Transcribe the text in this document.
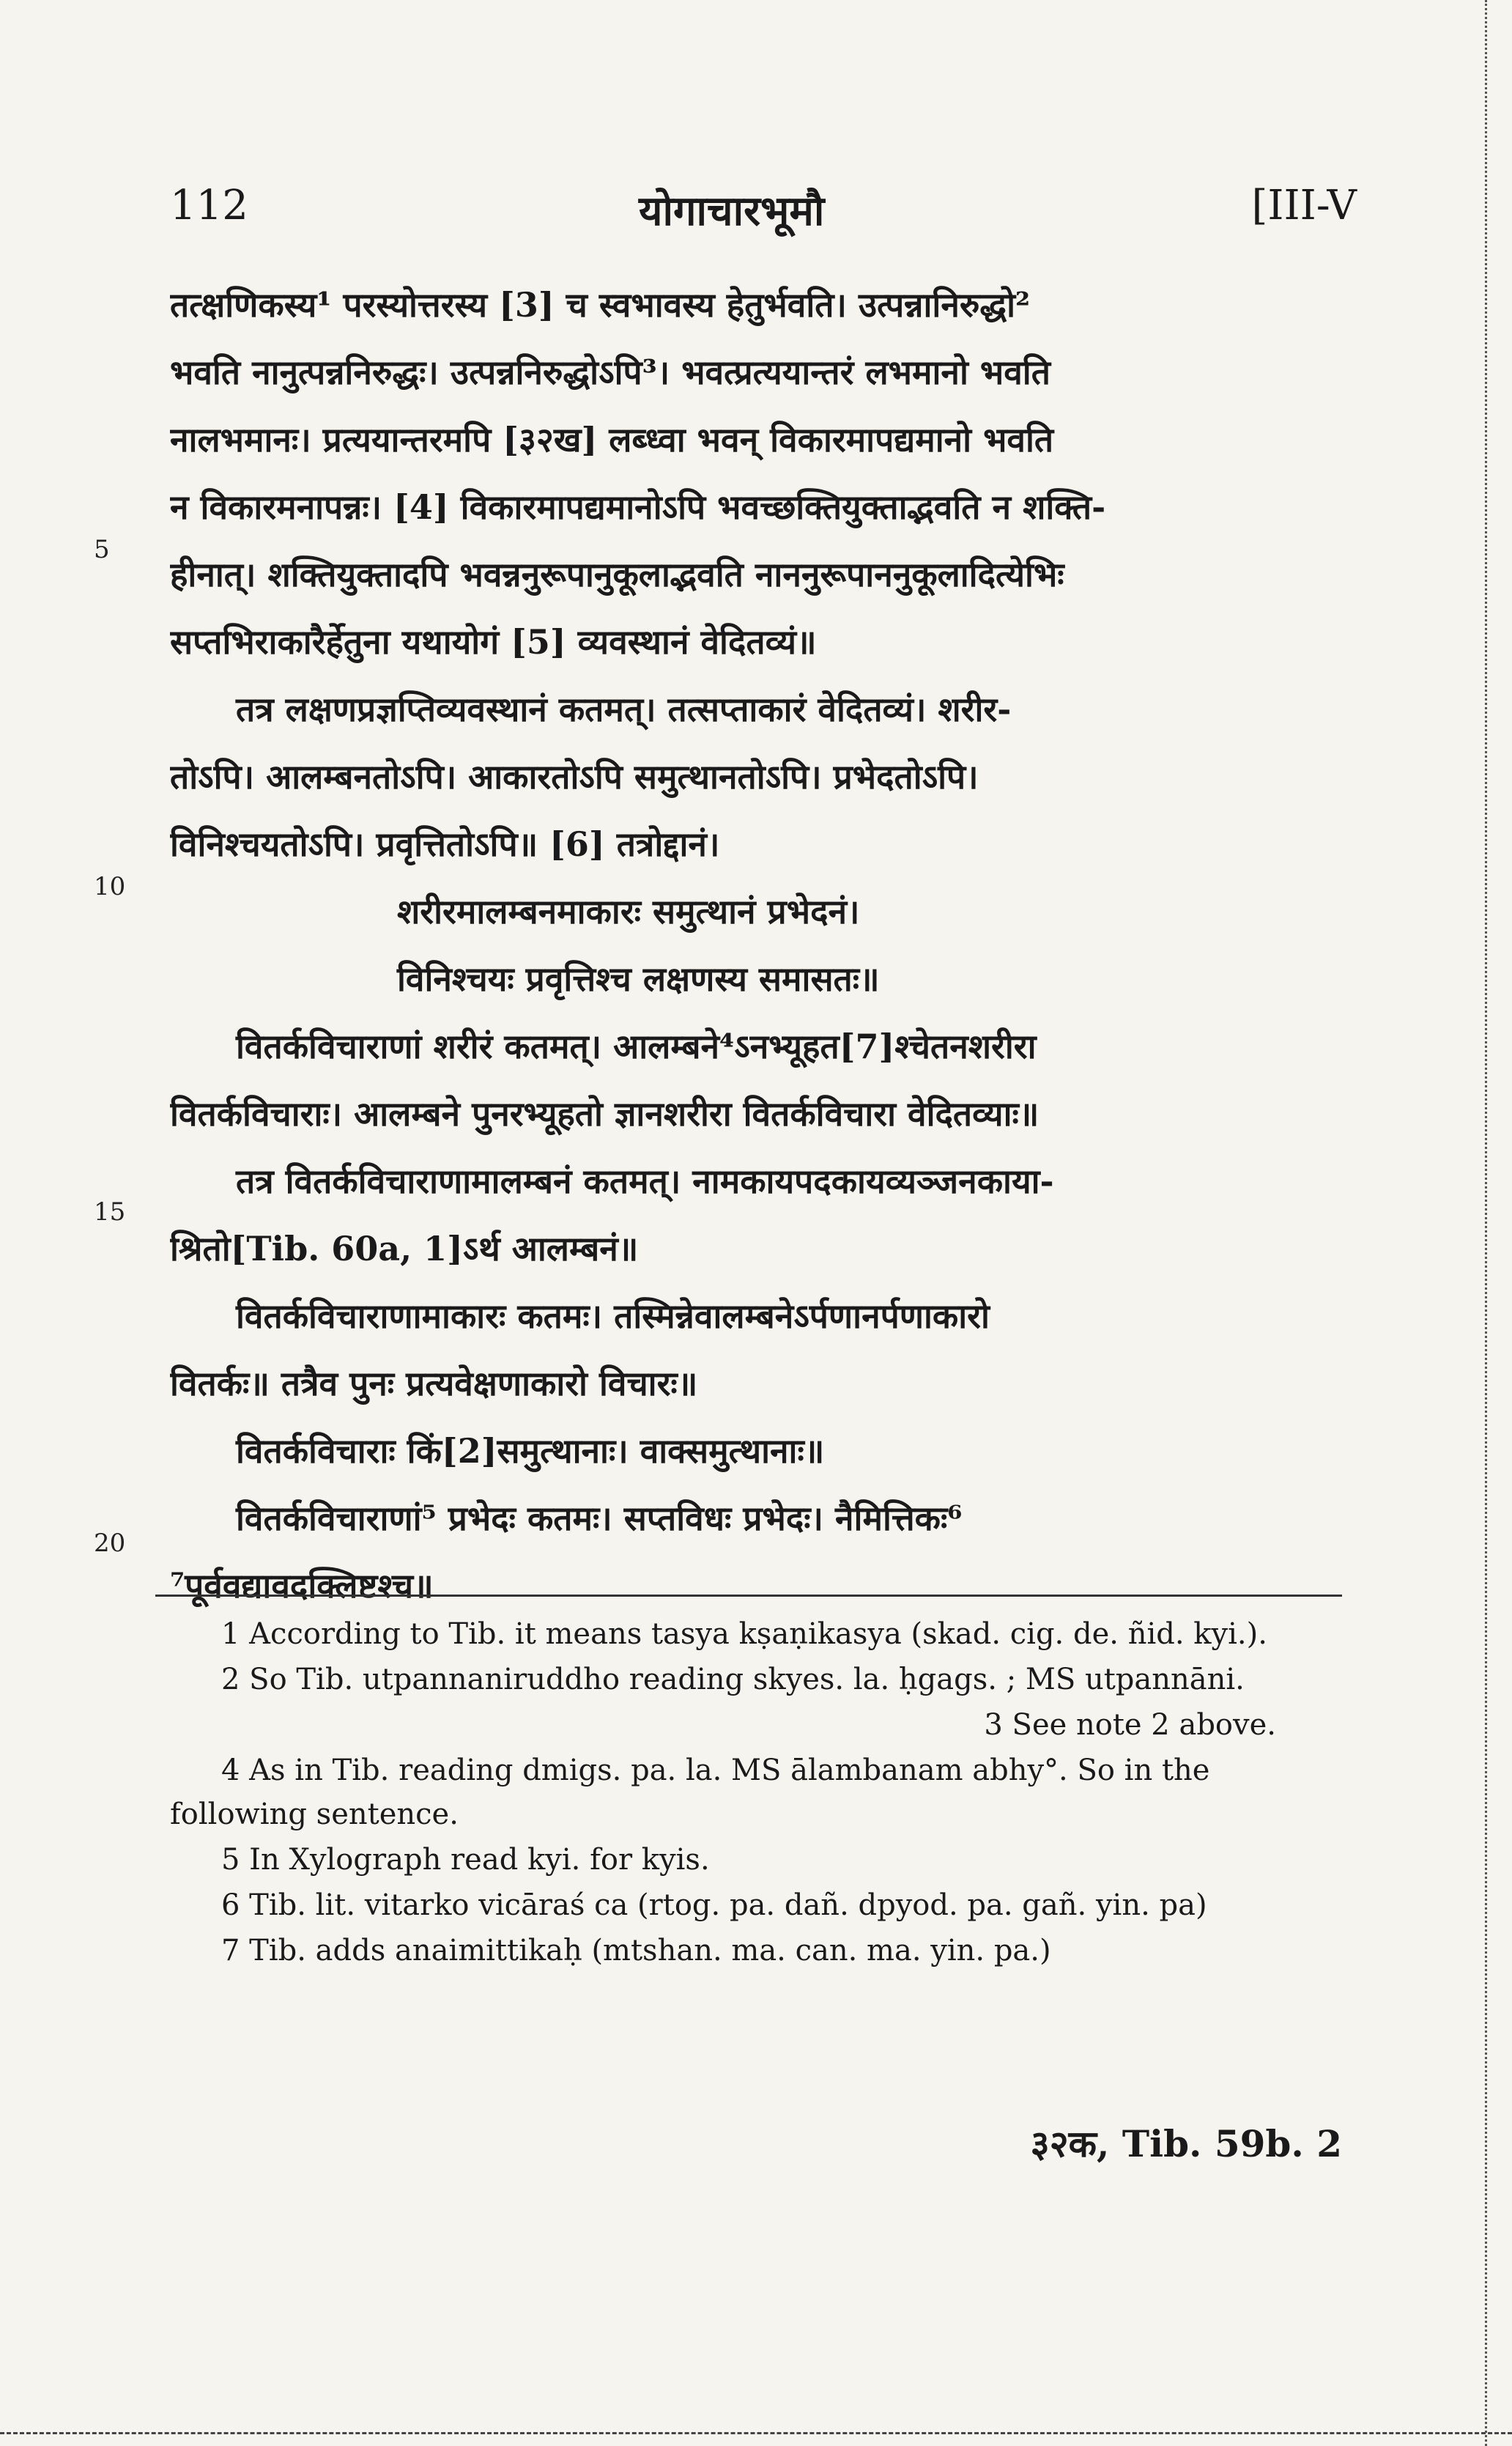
112	योगाचारभूमौ	[III-V
तत्क्षणिकस्य¹ परस्योत्तरस्य [3] च स्वभावस्य हेतुर्भवति। उत्पन्नानिरुद्धो²
भवति नानुत्पन्ननिरुद्धः। उत्पन्ननिरुद्धोऽपि³। भवत्प्रत्ययान्तरं लभमानो भवति
नालभमानः। प्रत्ययान्तरमपि [३२ख] लब्ध्वा भवन् विकारमापद्यमानो भवति
न विकारमनापन्नः। [4] विकारमापद्यमानोऽपि भवच्छक्तियुक्ताद्भवति न शक्ति-
हीनात्। शक्तियुक्तादपि भवन्ननुरूपानुकूलाद्भवति नाननुरूपाननुकूलादित्येभिः
सप्तभिराकारैर्हेतुना यथायोगं [5] व्यवस्थानं वेदितव्यं॥
तत्र लक्षणप्रज्ञप्तिव्यवस्थानं कतमत्। तत्सप्ताकारं वेदितव्यं। शरीर-
तोऽपि। आलम्बनतोऽपि। आकारतोऽपि समुत्थानतोऽपि। प्रभेदतोऽपि।
विनिश्चयतोऽपि। प्रवृत्तितोऽपि॥ [6] तत्रोद्दानं।
शरीरमालम्बनमाकारः समुत्थानं प्रभेदनं।
विनिश्चयः प्रवृत्तिश्च लक्षणस्य समासतः॥
वितर्कविचाराणां शरीरं कतमत्। आलम्बने⁴ऽनभ्यूहत[7]श्चेतनशरीरा
वितर्कविचाराः। आलम्बने पुनरभ्यूहतो ज्ञानशरीरा वितर्कविचारा वेदितव्याः॥
तत्र वितर्कविचाराणामालम्बनं कतमत्। नामकायपदकायव्यञ्जनकाया-
श्रितो[Tib. 60a, 1]ऽर्थ आलम्बनं॥
वितर्कविचाराणामाकारः कतमः। तस्मिन्नेवालम्बनेऽर्पणानर्पणाकारो
वितर्कः॥ तत्रैव पुनः प्रत्यवेक्षणाकारो विचारः॥
वितर्कविचाराः किं[2]समुत्थानाः। वाक्समुत्थानाः॥
वितर्कविचाराणां⁵ प्रभेदः कतमः। सप्तविधः प्रभेदः। नैमित्तिकः⁶
⁷पूर्ववद्यावदक्लिष्टश्च॥
5
10
15
20
1 According to Tib. it means tasya kṣaṇikasya (skad. cig. de. ñid. kyi.).
2 So Tib. utpannaniruddho reading skyes. la. ḥgags. ; MS utpannāni.
3 See note 2 above.
4 As in Tib. reading dmigs. pa. la. MS ālambanam abhy°. So in the following sentence.
5 In Xylograph read kyi. for kyis.
6 Tib. lit. vitarko vicāraś ca (rtog. pa. dañ. dpyod. pa. gañ. yin. pa)
7 Tib. adds anaimittikaḥ (mtshan. ma. can. ma. yin. pa.)
३२क, Tib. 59b. 2
